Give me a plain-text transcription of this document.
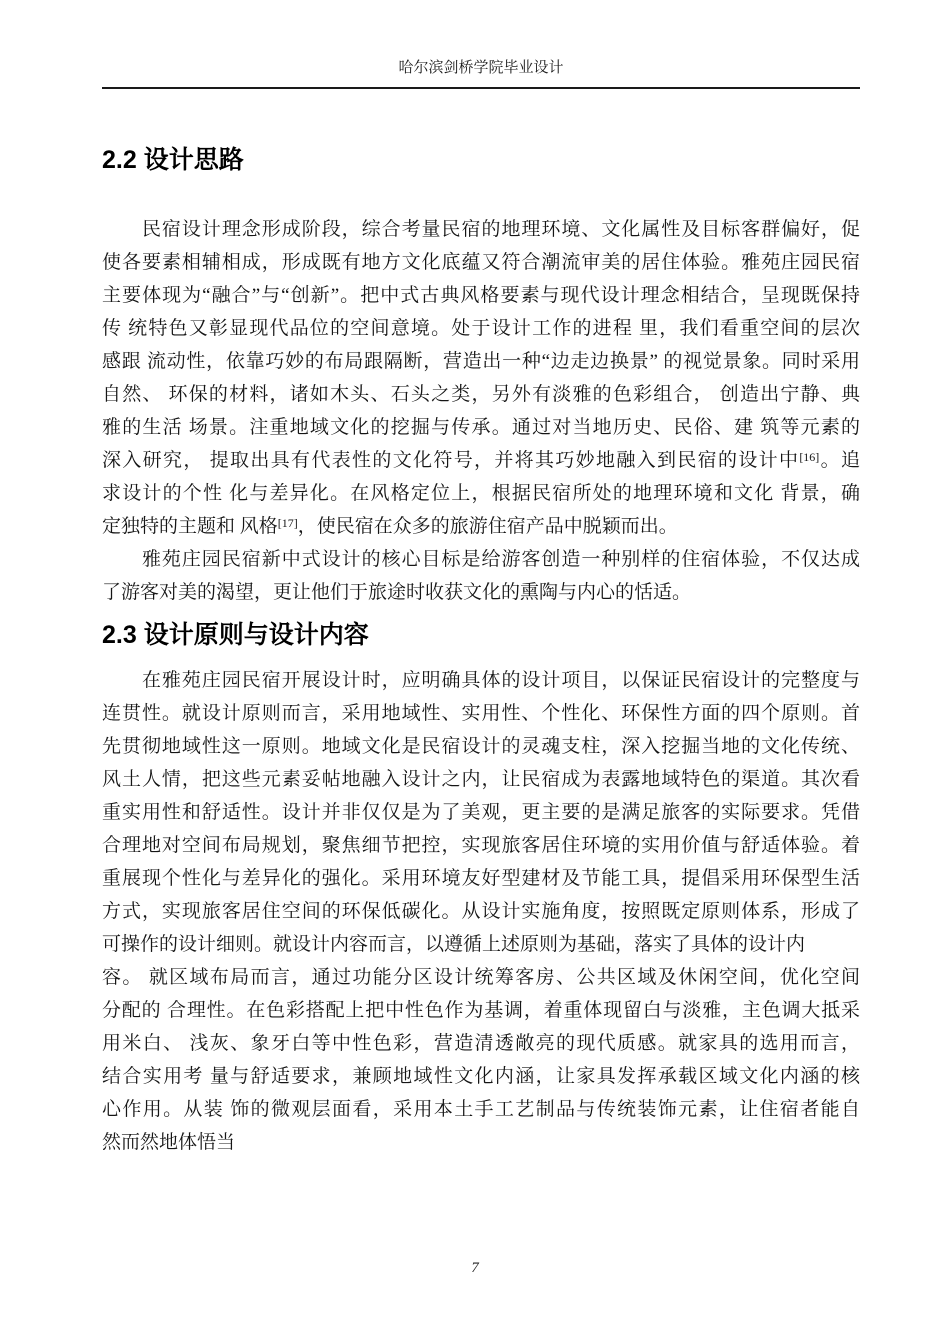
哈尔滨剑桥学院毕业设计
2.2 设计思路
　　民宿设计理念形成阶段，综合考量民宿的地理环境、文化属性及目标客群偏好，促
使各要素相辅相成，形成既有地方文化底蕴又符合潮流审美的居住体验。雅苑庄园民宿
主要体现为“融合”与“创新”。把中式古典风格要素与现代设计理念相结合，呈现既保持
传 统特色又彰显现代品位的空间意境。处于设计工作的进程 里，我们看重空间的层次
感跟 流动性，依靠巧妙的布局跟隔断，营造出一种“边走边换景” 的视觉景象。同时采用
自然、 环保的材料，诸如木头、石头之类，另外有淡雅的色彩组合， 创造出宁静、典
雅的生活 场景。注重地域文化的挖掘与传承。通过对当地历史、民俗、建 筑等元素的
深入研究， 提取出具有代表性的文化符号，并将其巧妙地融入到民宿的设计中[16]。追
求设计的个性 化与差异化。在风格定位上，根据民宿所处的地理环境和文化 背景，确
定独特的主题和 风格[17]，使民宿在众多的旅游住宿产品中脱颖而出。
　　雅苑庄园民宿新中式设计的核心目标是给游客创造一种别样的住宿体验，不仅达成
了游客对美的渴望，更让他们于旅途时收获文化的熏陶与内心的恬适。
2.3 设计原则与设计内容
　　在雅苑庄园民宿开展设计时，应明确具体的设计项目，以保证民宿设计的完整度与
连贯性。就设计原则而言，采用地域性、实用性、个性化、环保性方面的四个原则。首
先贯彻地域性这一原则。地域文化是民宿设计的灵魂支柱，深入挖掘当地的文化传统、
风土人情，把这些元素妥帖地融入设计之内，让民宿成为表露地域特色的渠道。其次看
重实用性和舒适性。设计并非仅仅是为了美观，更主要的是满足旅客的实际要求。凭借
合理地对空间布局规划，聚焦细节把控，实现旅客居住环境的实用价值与舒适体验。着
重展现个性化与差异化的强化。采用环境友好型建材及节能工具，提倡采用环保型生活
方式，实现旅客居住空间的环保低碳化。从设计实施角度，按照既定原则体系，形成了
可操作的设计细则。就设计内容而言，以遵循上述原则为基础，落实了具体的设计内
容。 就区域布局而言，通过功能分区设计统筹客房、公共区域及休闲空间，优化空间
分配的 合理性。在色彩搭配上把中性色作为基调，着重体现留白与淡雅，主色调大抵采
用米白、 浅灰、象牙白等中性色彩，营造清透敞亮的现代质感。就家具的选用而言，
结合实用考 量与舒适要求，兼顾地域性文化内涵，让家具发挥承载区域文化内涵的核
心作用。从装 饰的微观层面看，采用本土手工艺制品与传统装饰元素，让住宿者能自
然而然地体悟当
7
